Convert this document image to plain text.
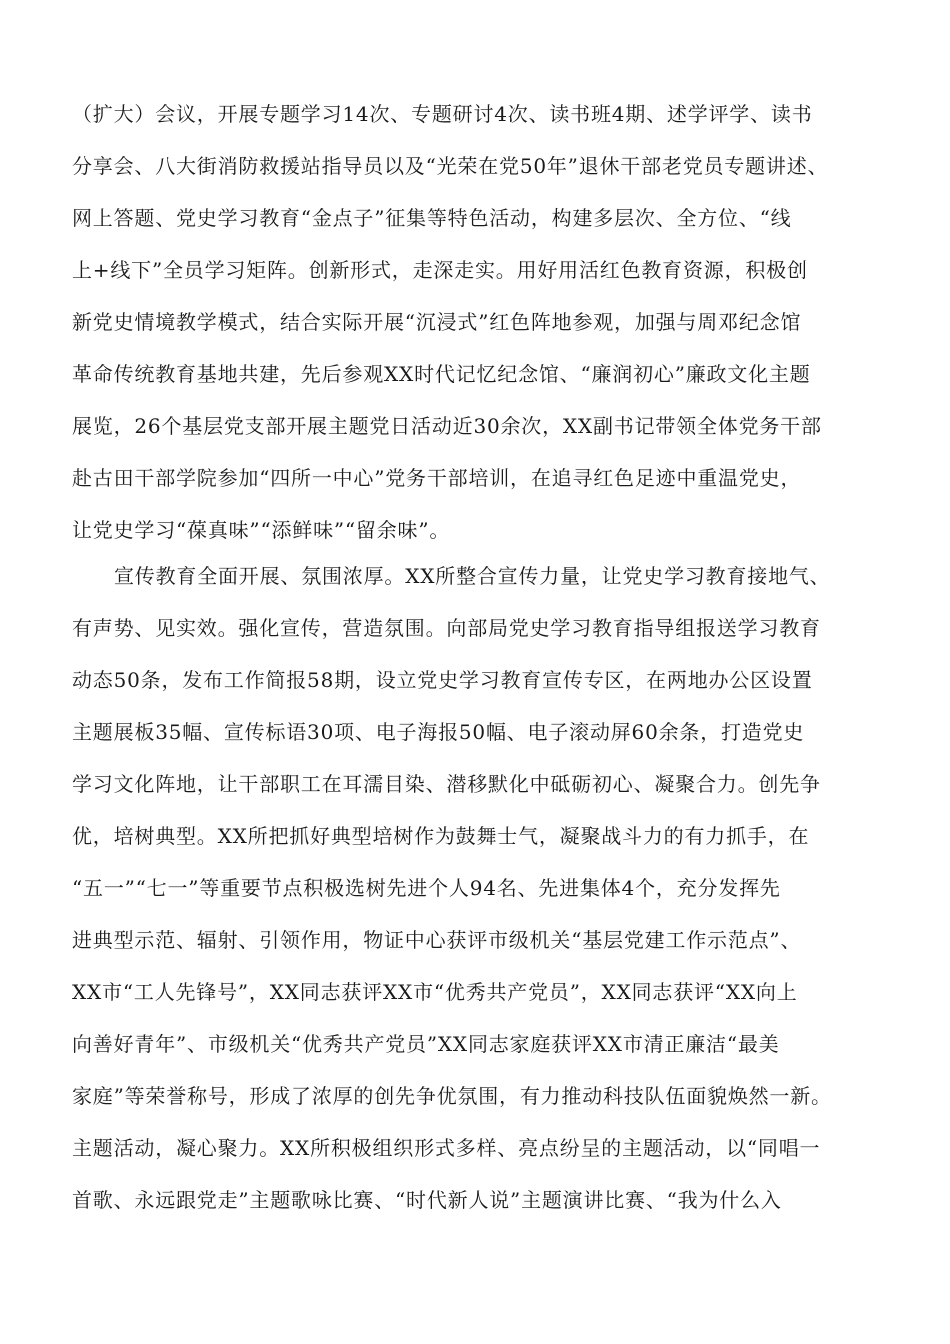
（扩大）会议，开展专题学习14次、专题研讨4次、读书班4期、述学评学、读书
分享会、八大街消防救援站指导员以及“光荣在党50年”退休干部老党员专题讲述、
网上答题、党史学习教育“金点子”征集等特色活动，构建多层次、全方位、“线
上+线下”全员学习矩阵。创新形式，走深走实。用好用活红色教育资源，积极创
新党史情境教学模式，结合实际开展“沉浸式”红色阵地参观，加强与周邓纪念馆
革命传统教育基地共建，先后参观XX时代记忆纪念馆、“廉润初心”廉政文化主题
展览，26个基层党支部开展主题党日活动近30余次，XX副书记带领全体党务干部
赴古田干部学院参加“四所一中心”党务干部培训，在追寻红色足迹中重温党史，
让党史学习“葆真味”“添鲜味”“留余味”。
宣传教育全面开展、氛围浓厚。XX所整合宣传力量，让党史学习教育接地气、
有声势、见实效。强化宣传，营造氛围。向部局党史学习教育指导组报送学习教育
动态50条，发布工作简报58期，设立党史学习教育宣传专区，在两地办公区设置
主题展板35幅、宣传标语30项、电子海报50幅、电子滚动屏60余条，打造党史
学习文化阵地，让干部职工在耳濡目染、潜移默化中砥砺初心、凝聚合力。创先争
优，培树典型。XX所把抓好典型培树作为鼓舞士气，凝聚战斗力的有力抓手，在
“五一”“七一”等重要节点积极选树先进个人94名、先进集体4个，充分发挥先
进典型示范、辐射、引领作用，物证中心获评市级机关“基层党建工作示范点”、
XX市“工人先锋号”，XX同志获评XX市“优秀共产党员”，XX同志获评“XX向上
向善好青年”、市级机关“优秀共产党员”XX同志家庭获评XX市清正廉洁“最美
家庭”等荣誉称号，形成了浓厚的创先争优氛围，有力推动科技队伍面貌焕然一新。
主题活动，凝心聚力。XX所积极组织形式多样、亮点纷呈的主题活动，以“同唱一
首歌、永远跟党走”主题歌咏比赛、“时代新人说”主题演讲比赛、“我为什么入
